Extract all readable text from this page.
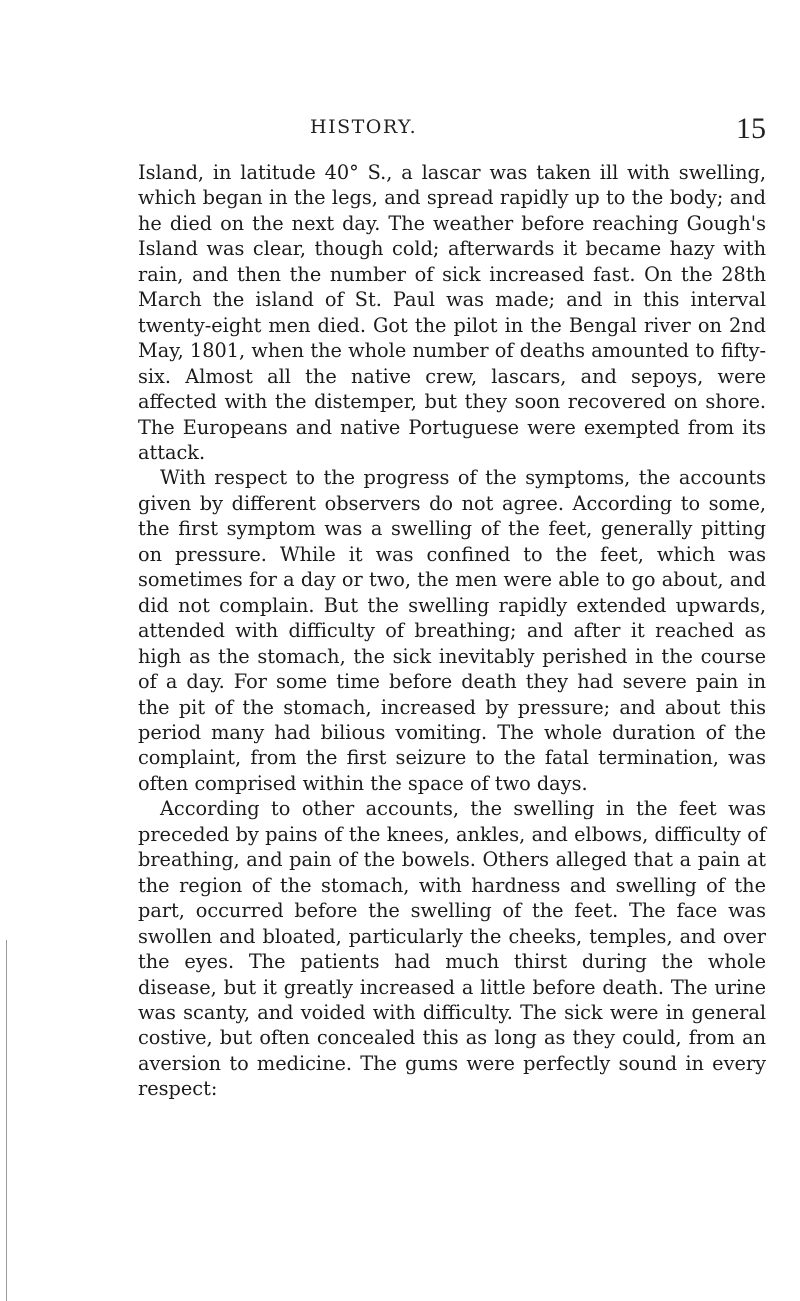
HISTORY.	15

Island, in latitude 40° S., a lascar was taken ill with swelling, which began in the legs, and spread rapidly up to the body; and he died on the next day. The weather before reaching Gough's Island was clear, though cold; afterwards it became hazy with rain, and then the number of sick increased fast. On the 28th March the island of St. Paul was made; and in this interval twenty-eight men died. Got the pilot in the Bengal river on 2nd May, 1801, when the whole number of deaths amounted to fifty-six. Almost all the native crew, lascars, and sepoys, were affected with the distemper, but they soon recovered on shore. The Europeans and native Portuguese were exempted from its attack.

With respect to the progress of the symptoms, the accounts given by different observers do not agree. According to some, the first symptom was a swelling of the feet, generally pitting on pressure. While it was confined to the feet, which was sometimes for a day or two, the men were able to go about, and did not complain. But the swelling rapidly extended upwards, attended with difficulty of breathing; and after it reached as high as the stomach, the sick inevitably perished in the course of a day. For some time before death they had severe pain in the pit of the stomach, increased by pressure; and about this period many had bilious vomiting. The whole duration of the complaint, from the first seizure to the fatal termination, was often comprised within the space of two days.

According to other accounts, the swelling in the feet was preceded by pains of the knees, ankles, and elbows, difficulty of breathing, and pain of the bowels. Others alleged that a pain at the region of the stomach, with hardness and swelling of the part, occurred before the swelling of the feet. The face was swollen and bloated, particularly the cheeks, temples, and over the eyes. The patients had much thirst during the whole disease, but it greatly increased a little before death. The urine was scanty, and voided with difficulty. The sick were in general costive, but often concealed this as long as they could, from an aversion to medicine. The gums were perfectly sound in every respect:
